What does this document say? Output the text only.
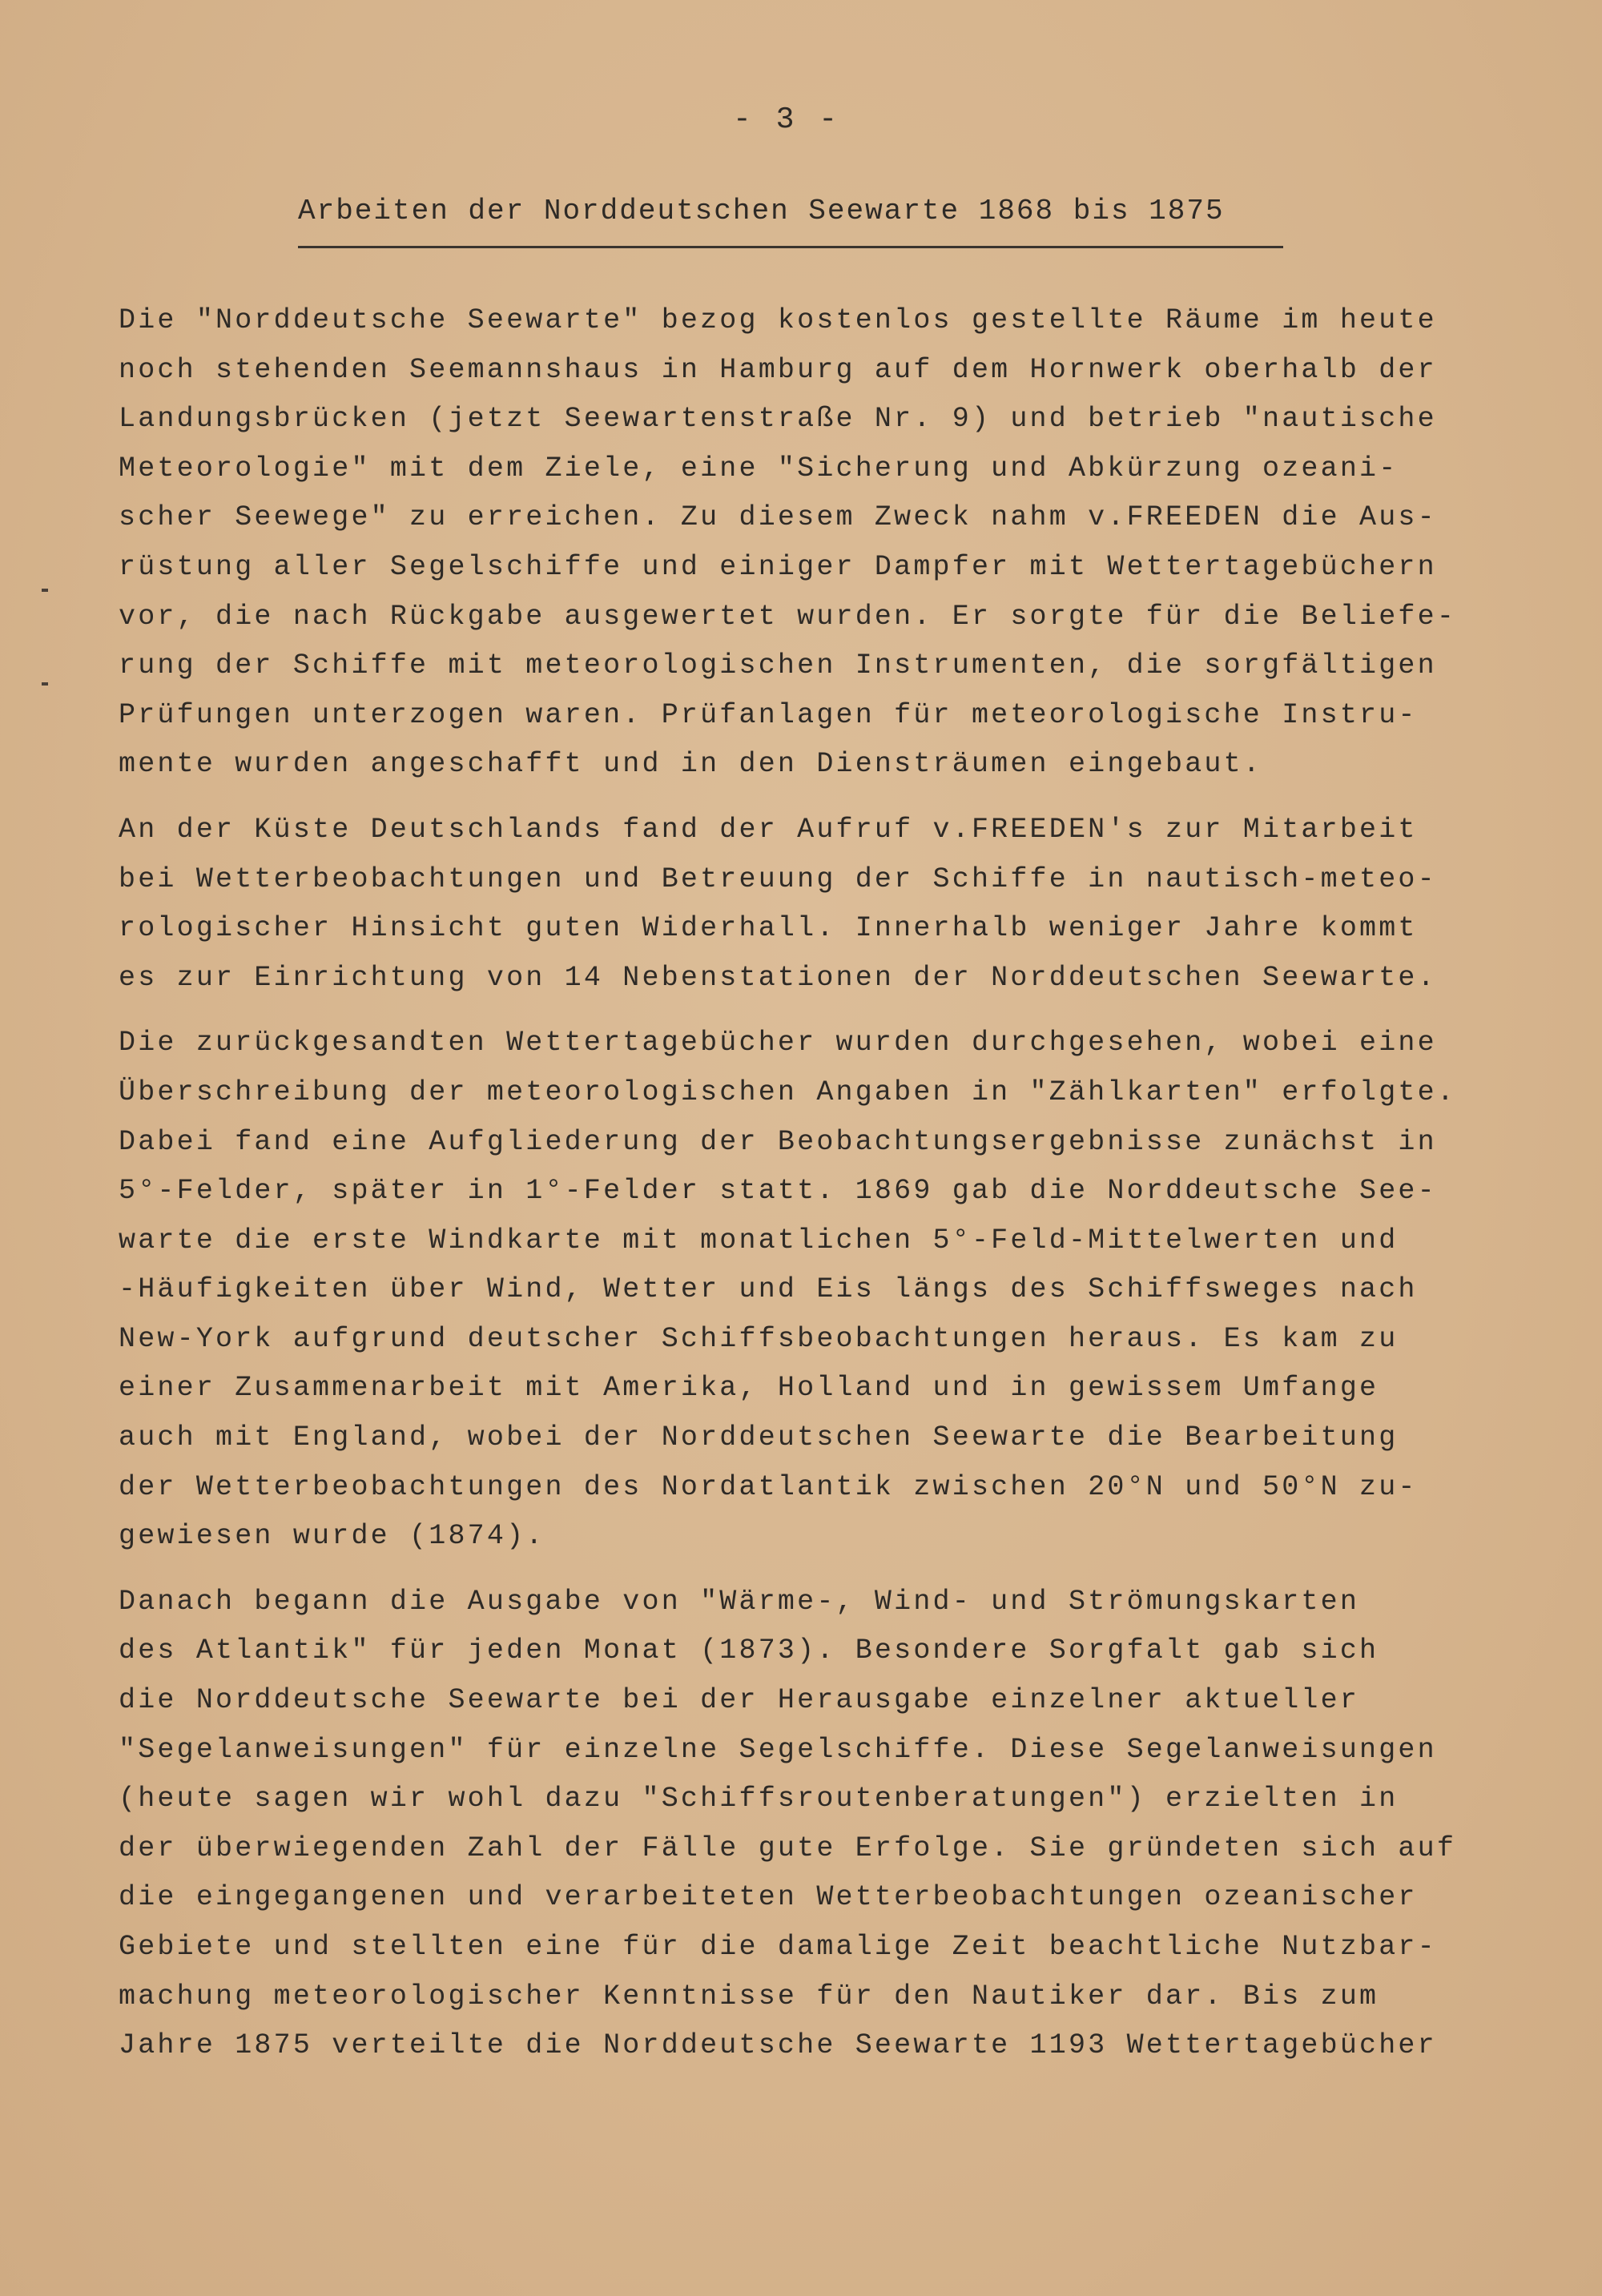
- 3 -
Arbeiten der Norddeutschen Seewarte 1868 bis 1875
Die "Norddeutsche Seewarte" bezog kostenlos gestellte Räume im heute
noch stehenden Seemannshaus in Hamburg auf dem Hornwerk oberhalb der
Landungsbrücken (jetzt Seewartenstraße Nr. 9) und betrieb "nautische
Meteorologie" mit dem Ziele, eine "Sicherung und Abkürzung ozeani-
scher Seewege" zu erreichen. Zu diesem Zweck nahm v.FREEDEN die Aus-
rüstung aller Segelschiffe und einiger Dampfer mit Wettertagebüchern
vor, die nach Rückgabe ausgewertet wurden. Er sorgte für die Beliefe-
rung der Schiffe mit meteorologischen Instrumenten, die sorgfältigen
Prüfungen unterzogen waren. Prüfanlagen für meteorologische Instru-
mente wurden angeschafft und in den Diensträumen eingebaut.
An der Küste Deutschlands fand der Aufruf v.FREEDEN's zur Mitarbeit
bei Wetterbeobachtungen und Betreuung der Schiffe in nautisch-meteo-
rologischer Hinsicht guten Widerhall. Innerhalb weniger Jahre kommt
es zur Einrichtung von 14 Nebenstationen der Norddeutschen Seewarte.
Die zurückgesandten Wettertagebücher wurden durchgesehen, wobei eine
Überschreibung der meteorologischen Angaben in "Zählkarten" erfolgte.
Dabei fand eine Aufgliederung der Beobachtungsergebnisse zunächst in
5°-Felder, später in 1°-Felder statt. 1869 gab die Norddeutsche See-
warte die erste Windkarte mit monatlichen 5°-Feld-Mittelwerten und
-Häufigkeiten über Wind, Wetter und Eis längs des Schiffsweges nach
New-York aufgrund deutscher Schiffsbeobachtungen heraus. Es kam zu
einer Zusammenarbeit mit Amerika, Holland und in gewissem Umfange
auch mit England, wobei der Norddeutschen Seewarte die Bearbeitung
der Wetterbeobachtungen des Nordatlantik zwischen 20°N und 50°N zu-
gewiesen wurde (1874).
Danach begann die Ausgabe von "Wärme-, Wind- und Strömungskarten
des Atlantik" für jeden Monat (1873). Besondere Sorgfalt gab sich
die Norddeutsche Seewarte bei der Herausgabe einzelner aktueller
"Segelanweisungen" für einzelne Segelschiffe. Diese Segelanweisungen
(heute sagen wir wohl dazu "Schiffsroutenberatungen") erzielten in
der überwiegenden Zahl der Fälle gute Erfolge. Sie gründeten sich auf
die eingegangenen und verarbeiteten Wetterbeobachtungen ozeanischer
Gebiete und stellten eine für die damalige Zeit beachtliche Nutzbar-
machung meteorologischer Kenntnisse für den Nautiker dar. Bis zum
Jahre 1875 verteilte die Norddeutsche Seewarte 1193 Wettertagebücher
